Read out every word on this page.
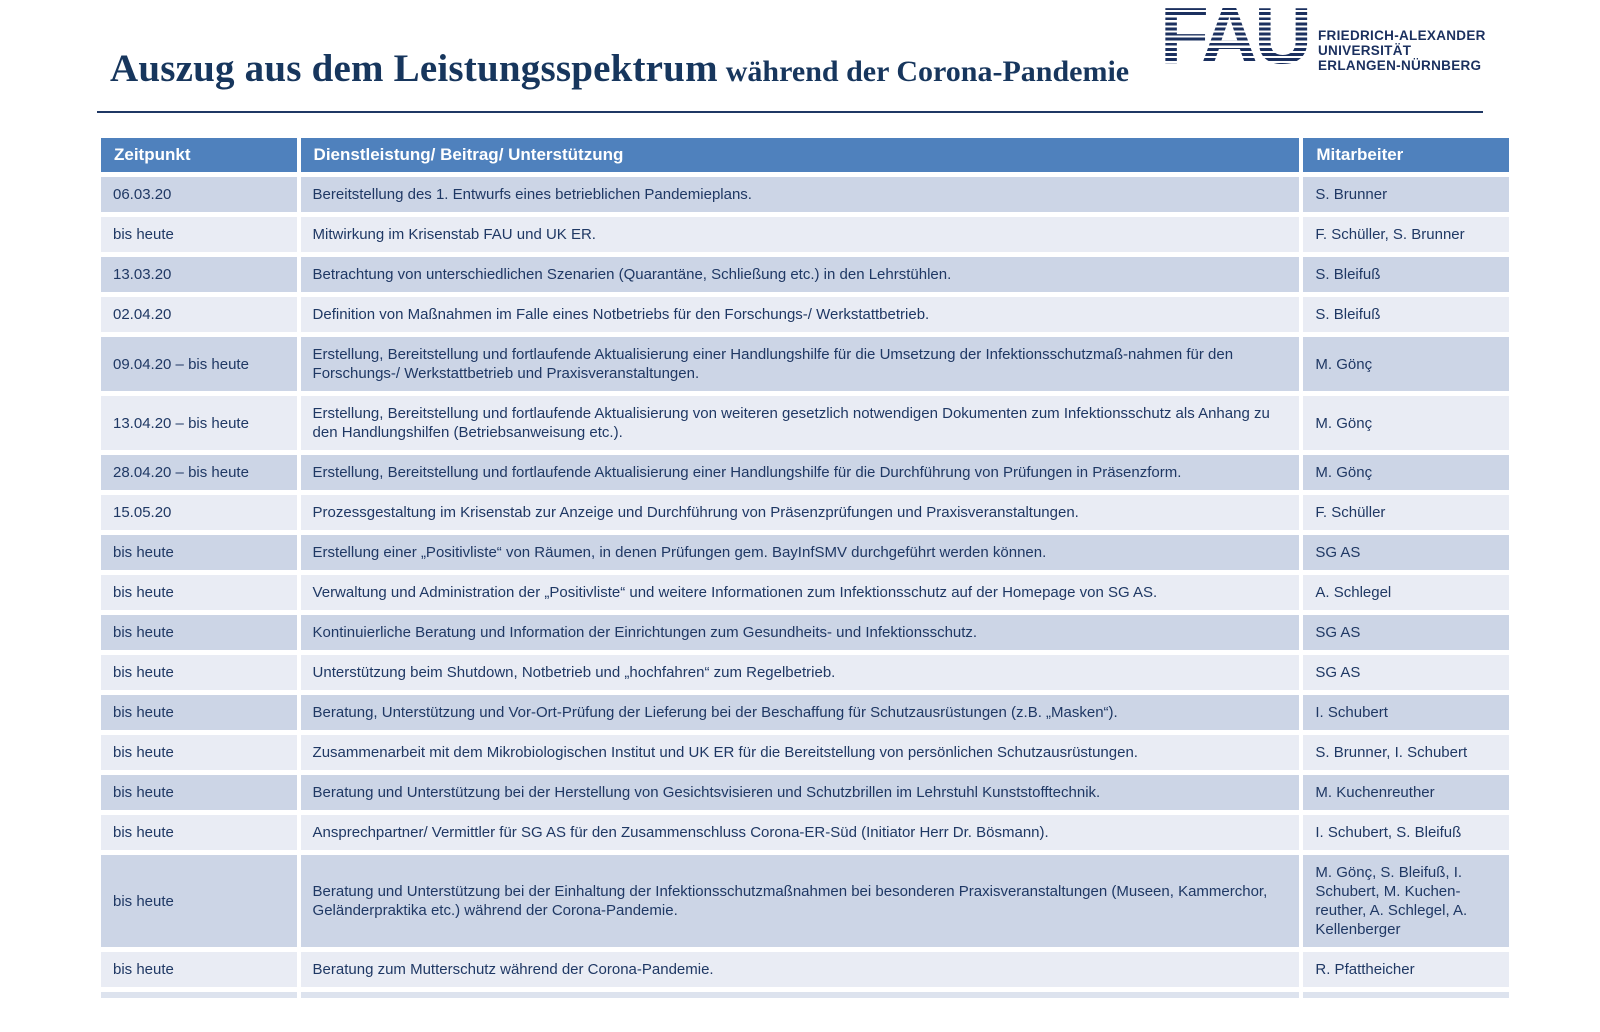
Auszug aus dem Leistungsspektrum während der Corona-Pandemie FAU FRIEDRICH-ALEXANDER
UNIVERSITÄT
ERLANGEN-NÜRNBERG
Zeitpunkt	Dienstleistung/ Beitrag/ Unterstützung	Mitarbeiter
06.03.20	Bereitstellung des 1. Entwurfs eines betrieblichen Pandemieplans.	S. Brunner
bis heute	Mitwirkung im Krisenstab FAU und UK ER.	F. Schüller, S. Brunner
13.03.20	Betrachtung von unterschiedlichen Szenarien (Quarantäne, Schließung etc.) in den Lehrstühlen.	S. Bleifuß
02.04.20	Definition von Maßnahmen im Falle eines Notbetriebs für den Forschungs-/ Werkstattbetrieb.	S. Bleifuß
09.04.20 – bis heute	Erstellung, Bereitstellung und fortlaufende Aktualisierung einer Handlungshilfe für die Umsetzung der Infektionsschutzmaß-nahmen für den Forschungs-/ Werkstattbetrieb und Praxisveranstaltungen.	M. Gönç
13.04.20 – bis heute	Erstellung, Bereitstellung und fortlaufende Aktualisierung von weiteren gesetzlich notwendigen Dokumenten zum Infektionsschutz als Anhang zu den Handlungshilfen (Betriebsanweisung etc.).	M. Gönç
28.04.20 – bis heute	Erstellung, Bereitstellung und fortlaufende Aktualisierung einer Handlungshilfe für die Durchführung von Prüfungen in Präsenzform.	M. Gönç
15.05.20	Prozessgestaltung im Krisenstab zur Anzeige und Durchführung von Präsenzprüfungen und Praxisveranstaltungen.	F. Schüller
bis heute	Erstellung einer „Positivliste“ von Räumen, in denen Prüfungen gem. BayInfSMV durchgeführt werden können.	SG AS
bis heute	Verwaltung und Administration der „Positivliste“ und weitere Informationen zum Infektionsschutz auf der Homepage von SG AS.	A. Schlegel
bis heute	Kontinuierliche Beratung und Information der Einrichtungen zum Gesundheits- und Infektionsschutz.	SG AS
bis heute	Unterstützung beim Shutdown, Notbetrieb und „hochfahren“ zum Regelbetrieb.	SG AS
bis heute	Beratung, Unterstützung und Vor-Ort-Prüfung der Lieferung bei der Beschaffung für Schutzausrüstungen (z.B. „Masken“).	I. Schubert
bis heute	Zusammenarbeit mit dem Mikrobiologischen Institut und UK ER für die Bereitstellung von persönlichen Schutzausrüstungen.	S. Brunner, I. Schubert
bis heute	Beratung und Unterstützung bei der Herstellung von Gesichtsvisieren und Schutzbrillen im Lehrstuhl Kunststofftechnik.	M. Kuchenreuther
bis heute	Ansprechpartner/ Vermittler für SG AS für den Zusammenschluss Corona-ER-Süd (Initiator Herr Dr. Bösmann).	I. Schubert, S. Bleifuß
bis heute	Beratung und Unterstützung bei der Einhaltung der Infektionsschutzmaßnahmen bei besonderen Praxisveranstaltungen (Museen, Kammerchor, Geländerpraktika etc.) während der Corona-Pandemie.	M. Gönç, S. Bleifuß, I. Schubert, M. Kuchen-reuther, A. Schlegel, A. Kellenberger
bis heute	Beratung zum Mutterschutz während der Corona-Pandemie.	R. Pfattheicher
